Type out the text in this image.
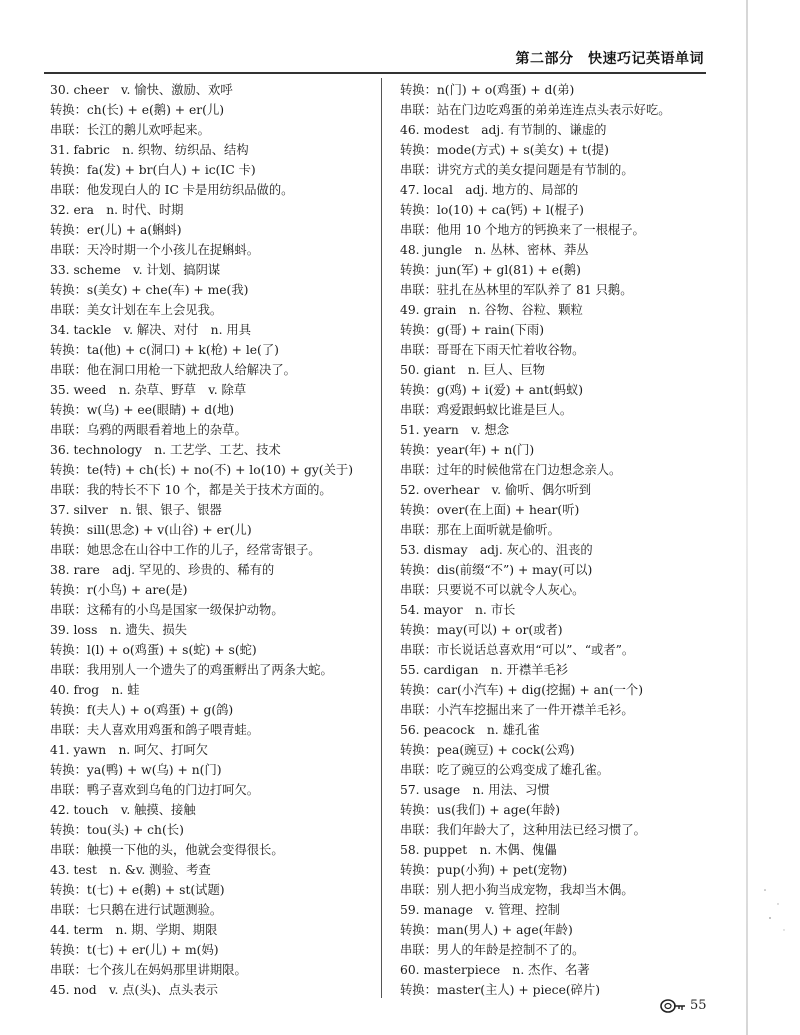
第二部分　快速巧记英语单词
30. cheer　v. 愉快、激励、欢呼
转换：ch(长) + e(鹅) + er(儿)
串联：长江的鹅儿欢呼起来。
31. fabric　n. 织物、纺织品、结构
转换：fa(发) + br(白人) + ic(IC 卡)
串联：他发现白人的 IC 卡是用纺织品做的。
32. era　n. 时代、时期
转换：er(儿) + a(蝌蚪)
串联：天冷时期一个小孩儿在捉蝌蚪。
33. scheme　v. 计划、搞阴谋
转换：s(美女) + che(车) + me(我)
串联：美女计划在车上会见我。
34. tackle　v. 解决、对付　n. 用具
转换：ta(他) + c(洞口) + k(枪) + le(了)
串联：他在洞口用枪一下就把敌人给解决了。
35. weed　n. 杂草、野草　v. 除草
转换：w(乌) + ee(眼睛) + d(地)
串联：乌鸦的两眼看着地上的杂草。
36. technology　n. 工艺学、工艺、技术
转换：te(特) + ch(长) + no(不) + lo(10) + gy(关于)
串联：我的特长不下 10 个，都是关于技术方面的。
37. silver　n. 银、银子、银器
转换：sill(思念) + v(山谷) + er(儿)
串联：她思念在山谷中工作的儿子，经常寄银子。
38. rare　adj. 罕见的、珍贵的、稀有的
转换：r(小鸟) + are(是)
串联：这稀有的小鸟是国家一级保护动物。
39. loss　n. 遗失、损失
转换：l(l) + o(鸡蛋) + s(蛇) + s(蛇)
串联：我用别人一个遗失了的鸡蛋孵出了两条大蛇。
40. frog　n. 蛙
转换：f(夫人) + o(鸡蛋) + g(鸽)
串联：夫人喜欢用鸡蛋和鸽子喂青蛙。
41. yawn　n. 呵欠、打呵欠
转换：ya(鸭) + w(乌) + n(门)
串联：鸭子喜欢到乌龟的门边打呵欠。
42. touch　v. 触摸、接触
转换：tou(头) + ch(长)
串联：触摸一下他的头，他就会变得很长。
43. test　n. &v. 测验、考查
转换：t(七) + e(鹅) + st(试题)
串联：七只鹅在进行试题测验。
44. term　n. 期、学期、期限
转换：t(七) + er(儿) + m(妈)
串联：七个孩儿在妈妈那里讲期限。
45. nod　v. 点(头)、点头表示
转换：n(门) + o(鸡蛋) + d(弟)
串联：站在门边吃鸡蛋的弟弟连连点头表示好吃。
46. modest　adj. 有节制的、谦虚的
转换：mode(方式) + s(美女) + t(提)
串联：讲究方式的美女提问题是有节制的。
47. local　adj. 地方的、局部的
转换：lo(10) + ca(钙) + l(棍子)
串联：他用 10 个地方的钙换来了一根棍子。
48. jungle　n. 丛林、密林、莽丛
转换：jun(军) + gl(81) + e(鹅)
串联：驻扎在丛林里的军队养了 81 只鹅。
49. grain　n. 谷物、谷粒、颗粒
转换：g(哥) + rain(下雨)
串联：哥哥在下雨天忙着收谷物。
50. giant　n. 巨人、巨物
转换：g(鸡) + i(爱) + ant(蚂蚁)
串联：鸡爱跟蚂蚁比谁是巨人。
51. yearn　v. 想念
转换：year(年) + n(门)
串联：过年的时候他常在门边想念亲人。
52. overhear　v. 偷听、偶尔听到
转换：over(在上面) + hear(听)
串联：那在上面听就是偷听。
53. dismay　adj. 灰心的、沮丧的
转换：dis(前缀“不”) + may(可以)
串联：只要说不可以就令人灰心。
54. mayor　n. 市长
转换：may(可以) + or(或者)
串联：市长说话总喜欢用“可以”、“或者”。
55. cardigan　n. 开襟羊毛衫
转换：car(小汽车) + dig(挖掘) + an(一个)
串联：小汽车挖掘出来了一件开襟羊毛衫。
56. peacock　n. 雄孔雀
转换：pea(豌豆) + cock(公鸡)
串联：吃了豌豆的公鸡变成了雄孔雀。
57. usage　n. 用法、习惯
转换：us(我们) + age(年龄)
串联：我们年龄大了，这种用法已经习惯了。
58. puppet　n. 木偶、傀儡
转换：pup(小狗) + pet(宠物)
串联：别人把小狗当成宠物，我却当木偶。
59. manage　v. 管理、控制
转换：man(男人) + age(年龄)
串联：男人的年龄是控制不了的。
60. masterpiece　n. 杰作、名著
转换：master(主人) + piece(碎片)
55
